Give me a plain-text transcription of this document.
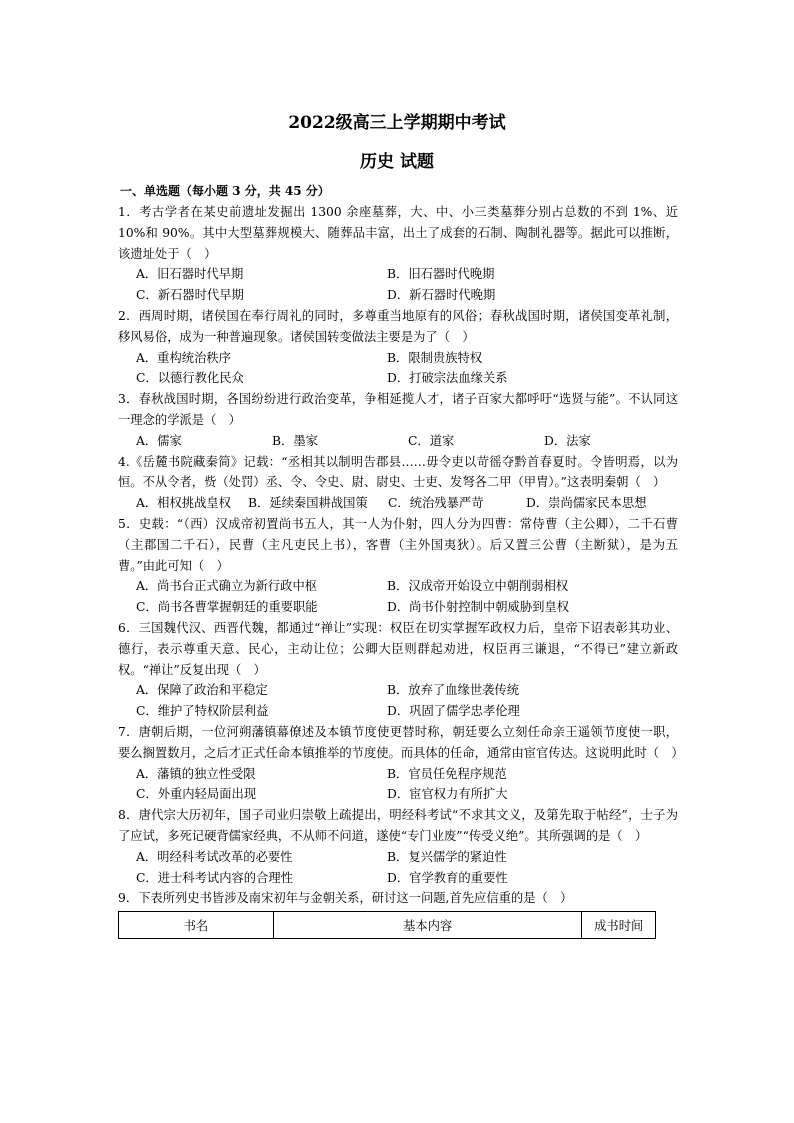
2022级高三上学期期中考试
历史 试题
一、单选题（每小题 3 分，共 45 分）

1．考古学者在某史前遗址发掘出 1300 余座墓葬，大、中、小三类墓葬分别占总数的不到 1%、近 10%和 90%。其中大型墓葬规模大、随葬品丰富，出土了成套的石制、陶制礼器等。据此可以推断，该遗址处于（　）

A．旧石器时代早期	B．旧石器时代晚期
C．新石器时代早期	D．新石器时代晚期

2．西周时期，诸侯国在奉行周礼的同时，多尊重当地原有的风俗；春秋战国时期，诸侯国变革礼制，移风易俗，成为一种普遍现象。诸侯国转变做法主要是为了（　）

A．重构统治秩序	B．限制贵族特权
C．以德行教化民众	D．打破宗法血缘关系

3．春秋战国时期，各国纷纷进行政治变革，争相延揽人才，诸子百家大都呼吁“选贤与能”。不认同这一理念的学派是（　）

A．儒家	B．墨家	C．道家	D．法家

4.《岳麓书院藏秦简》记载：“丞相其以制明告郡县……毋令吏以苛徭夺黔首春夏时。令皆明焉，以为恒。不从令者，赀（处罚）丞、令、令史、尉、尉史、士吏、发弩各二甲（甲胄）。”这表明秦朝（　）

A．相权挑战皇权	B．延续秦国耕战国策	C．统治残暴严苛	D．崇尚儒家民本思想

5．史载：“（西）汉成帝初置尚书五人，其一人为仆射，四人分为四曹：常侍曹（主公卿），二千石曹（主郡国二千石），民曹（主凡吏民上书），客曹（主外国夷狄）。后又置三公曹（主断狱），是为五曹。”由此可知（　）

A．尚书台正式确立为新行政中枢	B．汉成帝开始设立中朝削弱相权
C．尚书各曹掌握朝廷的重要职能	D．尚书仆射控制中朝威胁到皇权

6．三国魏代汉、西晋代魏，都通过“禅让”实现：权臣在切实掌握军政权力后，皇帝下诏表彰其功业、德行，表示尊重天意、民心，主动让位；公卿大臣则群起劝进，权臣再三谦退，“不得已”建立新政权。“禅让”反复出现（　）

A．保障了政治和平稳定	B．放弃了血缘世袭传统
C．维护了特权阶层利益	D．巩固了儒学忠孝伦理

7．唐朝后期，一位河朔藩镇幕僚述及本镇节度使更替时称，朝廷要么立刻任命亲王遥领节度使一职，要么搁置数月，之后才正式任命本镇推举的节度使。而具体的任命，通常由宦官传达。这说明此时（　）

A．藩镇的独立性受限	B．官员任免程序规范
C．外重内轻局面出现	D．宦官权力有所扩大

8．唐代宗大历初年，国子司业归崇敬上疏提出，明经科考试“不求其文义，及第先取于帖经”，士子为了应试，多死记硬背儒家经典，不从师不问道，遂使“专门业废”“传受义绝”。其所强调的是（　）

A．明经科考试改革的必要性	B．复兴儒学的紧迫性
C．进士科考试内容的合理性	D．官学教育的重要性

9．下表所列史书皆涉及南宋初年与金朝关系，研讨这一问题,首先应信重的是（　）

书名	基本内容	成书时间
